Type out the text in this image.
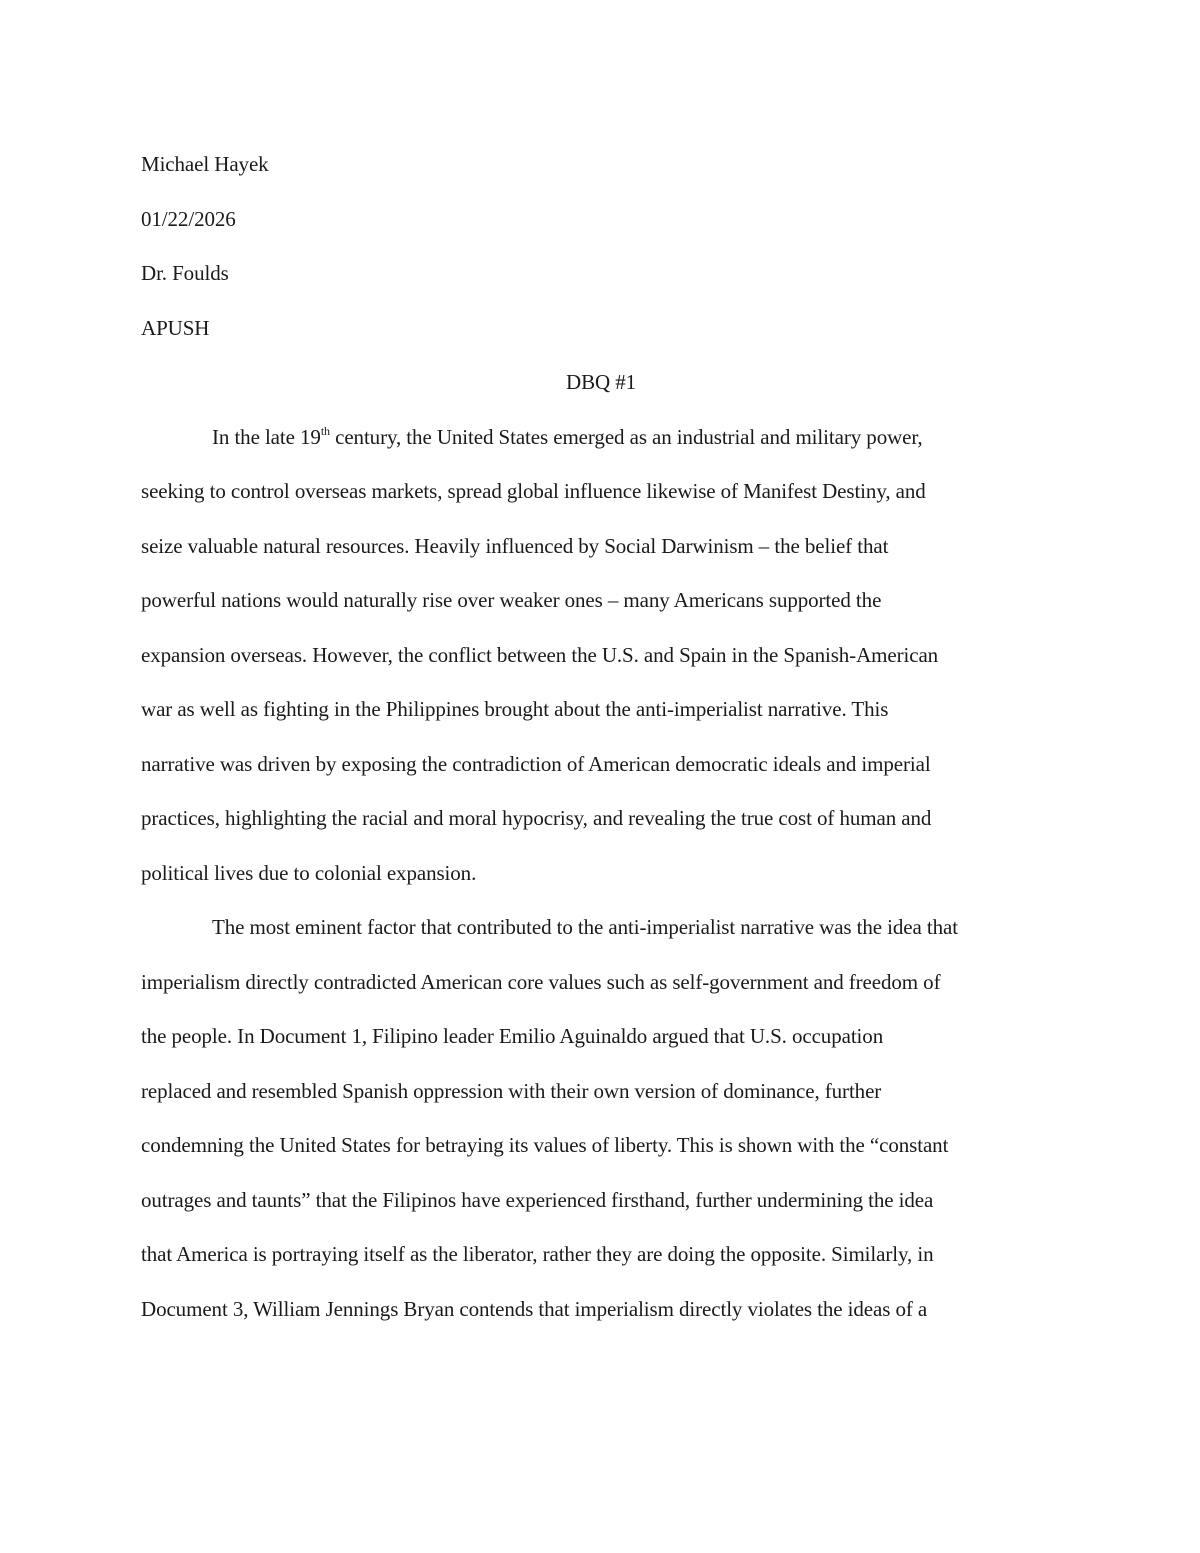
Michael Hayek
01/22/2026
Dr. Foulds
APUSH
DBQ #1
In the late 19th century, the United States emerged as an industrial and military power,
seeking to control overseas markets, spread global influence likewise of Manifest Destiny, and
seize valuable natural resources. Heavily influenced by Social Darwinism – the belief that
powerful nations would naturally rise over weaker ones – many Americans supported the
expansion overseas. However, the conflict between the U.S. and Spain in the Spanish-American
war as well as fighting in the Philippines brought about the anti-imperialist narrative. This
narrative was driven by exposing the contradiction of American democratic ideals and imperial
practices, highlighting the racial and moral hypocrisy, and revealing the true cost of human and
political lives due to colonial expansion.
The most eminent factor that contributed to the anti-imperialist narrative was the idea that
imperialism directly contradicted American core values such as self-government and freedom of
the people. In Document 1, Filipino leader Emilio Aguinaldo argued that U.S. occupation
replaced and resembled Spanish oppression with their own version of dominance, further
condemning the United States for betraying its values of liberty. This is shown with the “constant
outrages and taunts” that the Filipinos have experienced firsthand, further undermining the idea
that America is portraying itself as the liberator, rather they are doing the opposite. Similarly, in
Document 3, William Jennings Bryan contends that imperialism directly violates the ideas of a
